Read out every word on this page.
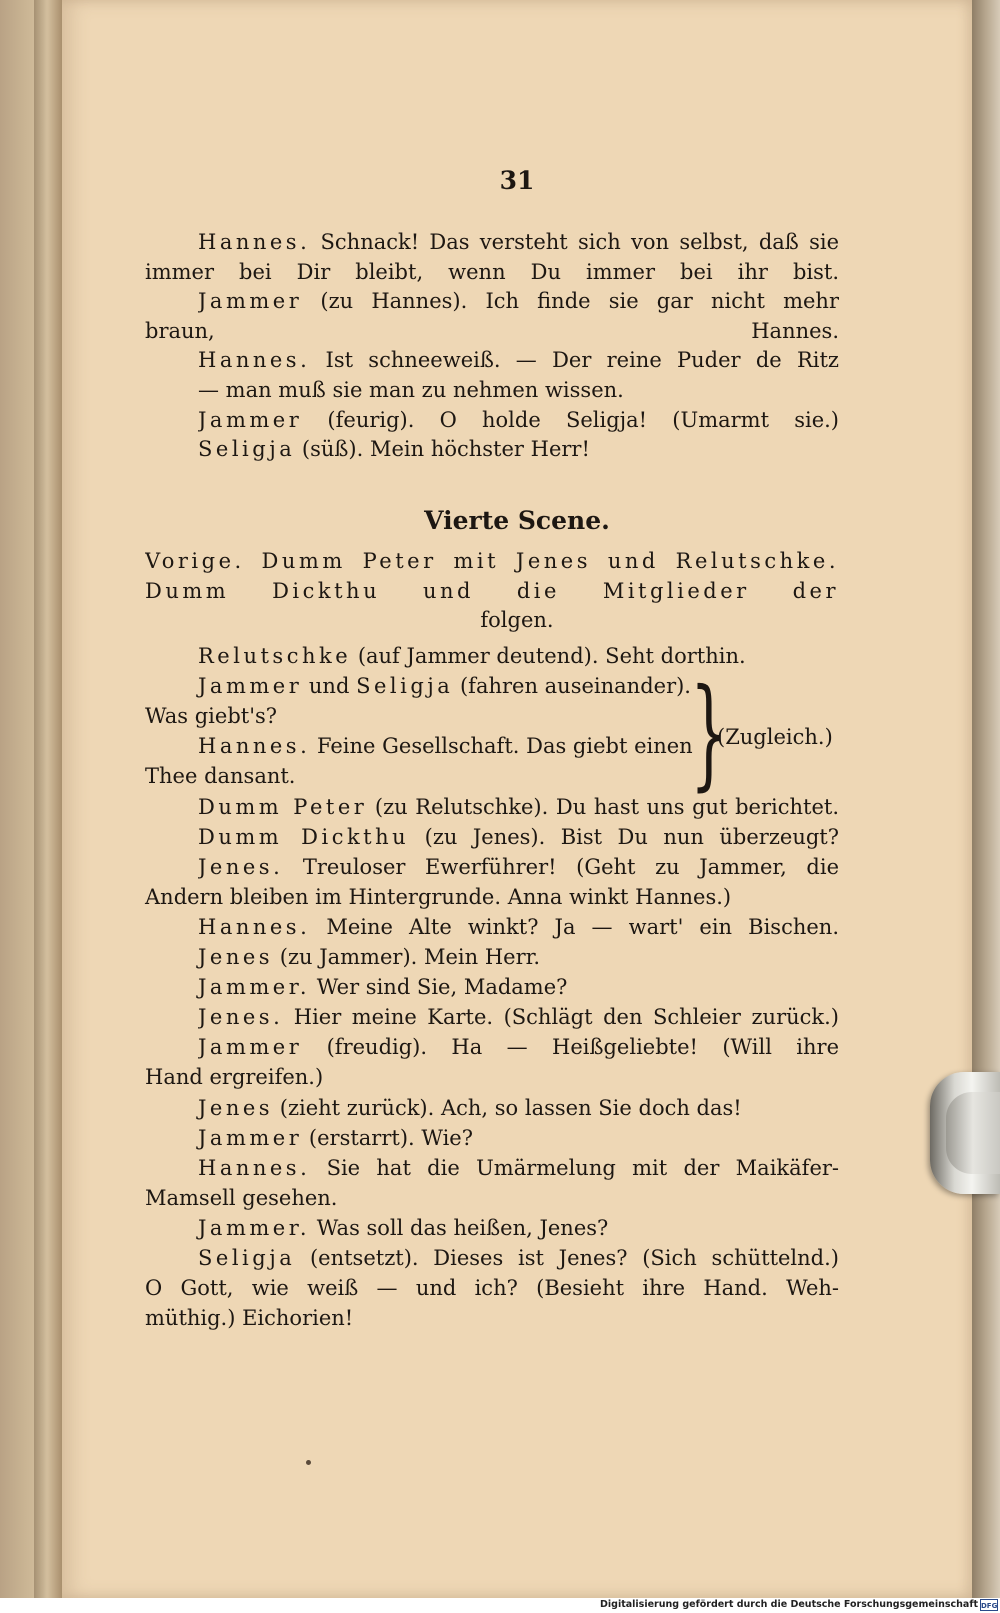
31
Hannes. Schnack! Das versteht sich von selbst, daß sie
immer bei Dir bleibt, wenn Du immer bei ihr bist.
Jammer (zu Hannes). Ich finde sie gar nicht mehr
braun, Hannes.
Hannes. Ist schneeweiß. — Der reine Puder de Ritz
— man muß sie man zu nehmen wissen.
Jammer (feurig). O holde Seligja! (Umarmt sie.)
Seligja (süß). Mein höchster Herr!
Vierte Scene.
Vorige. Dumm Peter mit Jenes und Relutschke.
Dumm Dickthu und die Mitglieder der
folgen.
Relutschke (auf Jammer deutend). Seht dorthin.
Jammer und Seligja (fahren auseinander).
Was giebt's?
Hannes. Feine Gesellschaft. Das giebt einen
Thee dansant.
Dumm Peter (zu Relutschke). Du hast uns gut berichtet.
Dumm Dickthu (zu Jenes). Bist Du nun überzeugt?
Jenes. Treuloser Ewerführer! (Geht zu Jammer, die
Andern bleiben im Hintergrunde. Anna winkt Hannes.)
Hannes. Meine Alte winkt? Ja — wart' ein Bischen.
Jenes (zu Jammer). Mein Herr.
Jammer. Wer sind Sie, Madame?
Jenes. Hier meine Karte. (Schlägt den Schleier zurück.)
Jammer (freudig). Ha — Heißgeliebte! (Will ihre
Hand ergreifen.)
Jenes (zieht zurück). Ach, so lassen Sie doch das!
Jammer (erstarrt). Wie?
Hannes. Sie hat die Umärmelung mit der Maikäfer-
Mamsell gesehen.
Jammer. Was soll das heißen, Jenes?
Seligja (entsetzt). Dieses ist Jenes? (Sich schüttelnd.)
O Gott, wie weiß — und ich? (Besieht ihre Hand. Weh-
müthig.) Eichorien!
}
(Zugleich.)
Digitalisierung gefördert durch die Deutsche Forschungsgemeinschaft DFG
